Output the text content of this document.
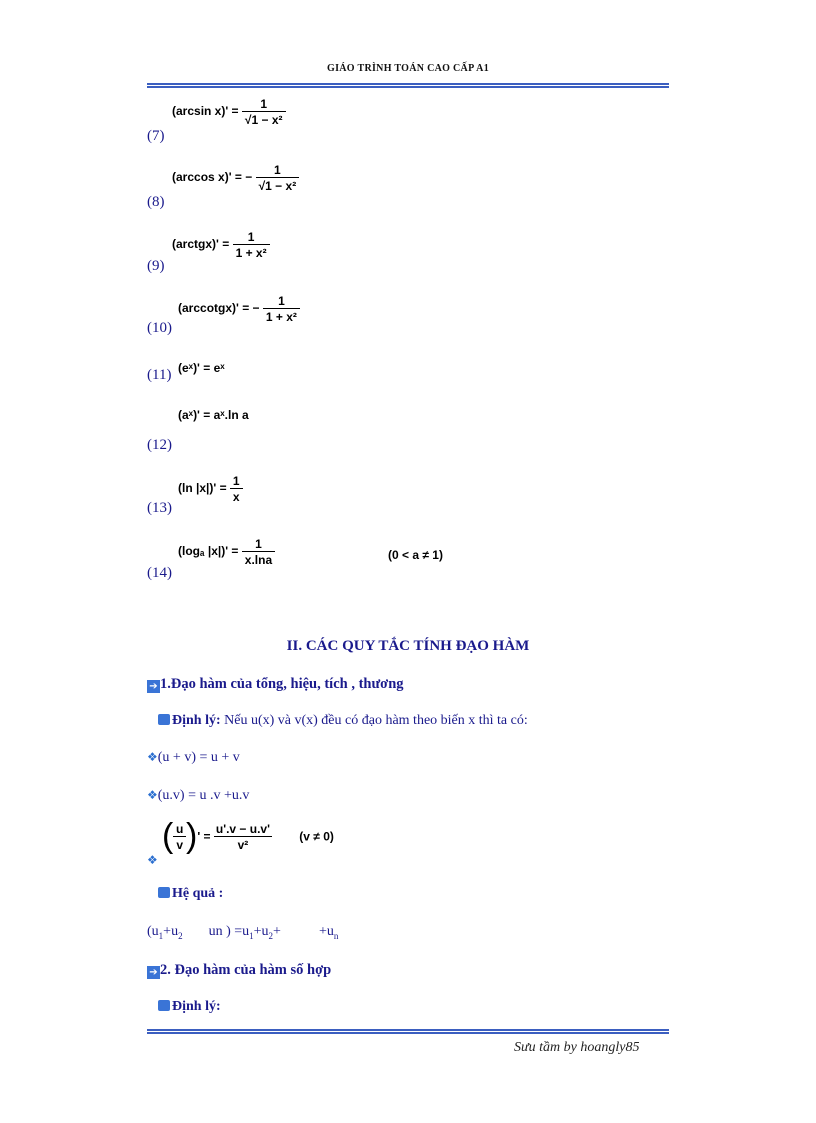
GIÁO TRÌNH TOÁN CAO CẤP A1
(arcsin $x)' = \frac{1}{\text{√1 − x²}}$
(7)
(arccos x)' = − $\frac{1}{\text{√1 − x²}}$
(8)
(arctgx)' = $\frac{1}{\text{1 + x²}}$
(9)
(arccotgx)' = − $\frac{1}{\text{1 + x²}}$
(10)
(11) (eˣ)' = eˣ
(aˣ)' = aˣ.ln a
(12)
(ln $|x|)' = \frac{1}{x}$
(13)
(logₐ $|x|)' = \frac{1}{x.\ln a}$	(0 < a ≠ 1)
(14)
II. CÁC QUY TẮC TÍNH ĐẠO HÀM
➔ 1.Đạo hàm của tổng, hiệu, tích , thương
Định lý: Nếu u(x) và v(x) đều có đạo hàm theo biến x thì ta có:
❖(u + v) = u + v
❖(u.v) = u .v +u.v
❖
( $\frac{u}{v}$ )' = $\frac{u'.v - u.v'}{\text{v²}} (v \ne 0)$
Hệ quả :
($u_1+u_2$ un ) $=u_1+u_2+$	$+u_n$
➔ 2. Đạo hàm của hàm số hợp
Định lý:
Sưu tầm by hoangly85
